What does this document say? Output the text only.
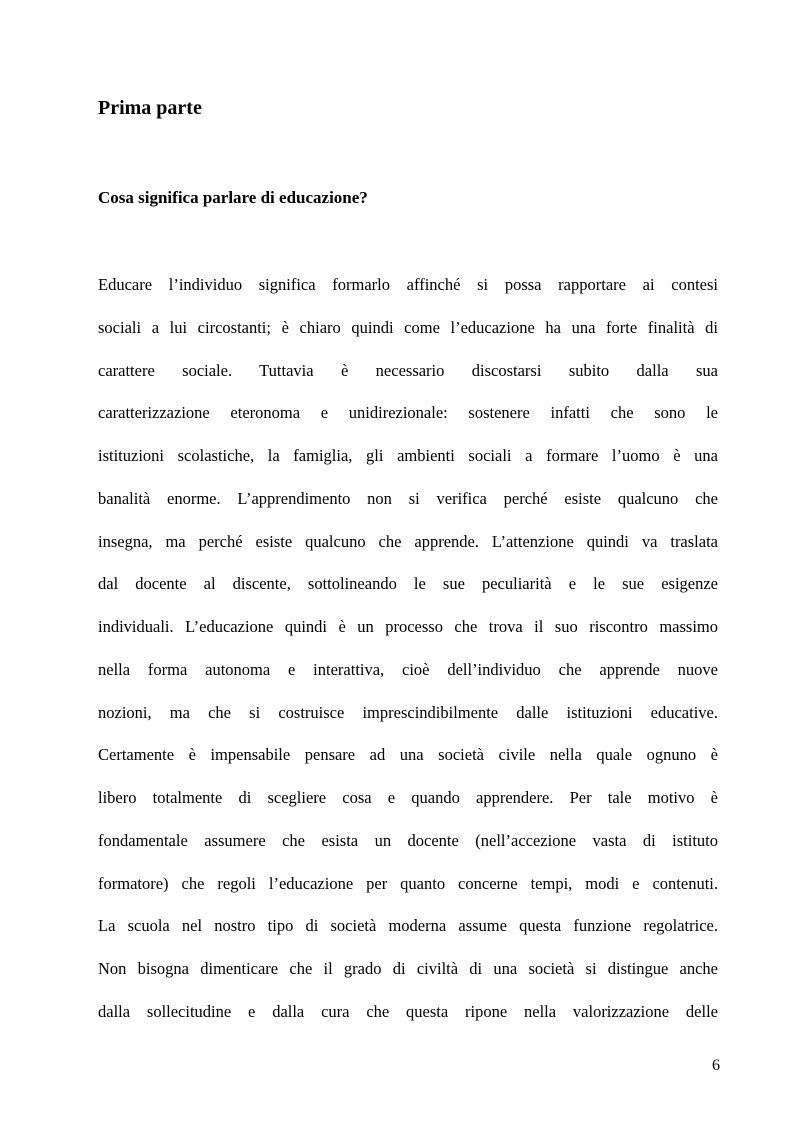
Prima parte
Cosa significa parlare di educazione?
Educare l’individuo significa formarlo affinché si possa rapportare ai contesi
sociali a lui circostanti; è chiaro quindi come l’educazione ha una forte finalità di
carattere sociale. Tuttavia è necessario discostarsi subito dalla sua
caratterizzazione eteronoma e unidirezionale: sostenere infatti che sono le
istituzioni scolastiche, la famiglia, gli ambienti sociali a formare l’uomo è una
banalità enorme. L’apprendimento non si verifica perché esiste qualcuno che
insegna, ma perché esiste qualcuno che apprende. L’attenzione quindi va traslata
dal docente al discente, sottolineando le sue peculiarità e le sue esigenze
individuali. L’educazione quindi è un processo che trova il suo riscontro massimo
nella forma autonoma e interattiva, cioè dell’individuo che apprende nuove
nozioni, ma che si costruisce imprescindibilmente dalle istituzioni educative.
Certamente è impensabile pensare ad una società civile nella quale ognuno è
libero totalmente di scegliere cosa e quando apprendere. Per tale motivo è
fondamentale assumere che esista un docente (nell’accezione vasta di istituto
formatore) che regoli l’educazione per quanto concerne tempi, modi e contenuti.
La scuola nel nostro tipo di società moderna assume questa funzione regolatrice.
Non bisogna dimenticare che il grado di civiltà di una società si distingue anche
dalla sollecitudine e dalla cura che questa ripone nella valorizzazione delle
6
